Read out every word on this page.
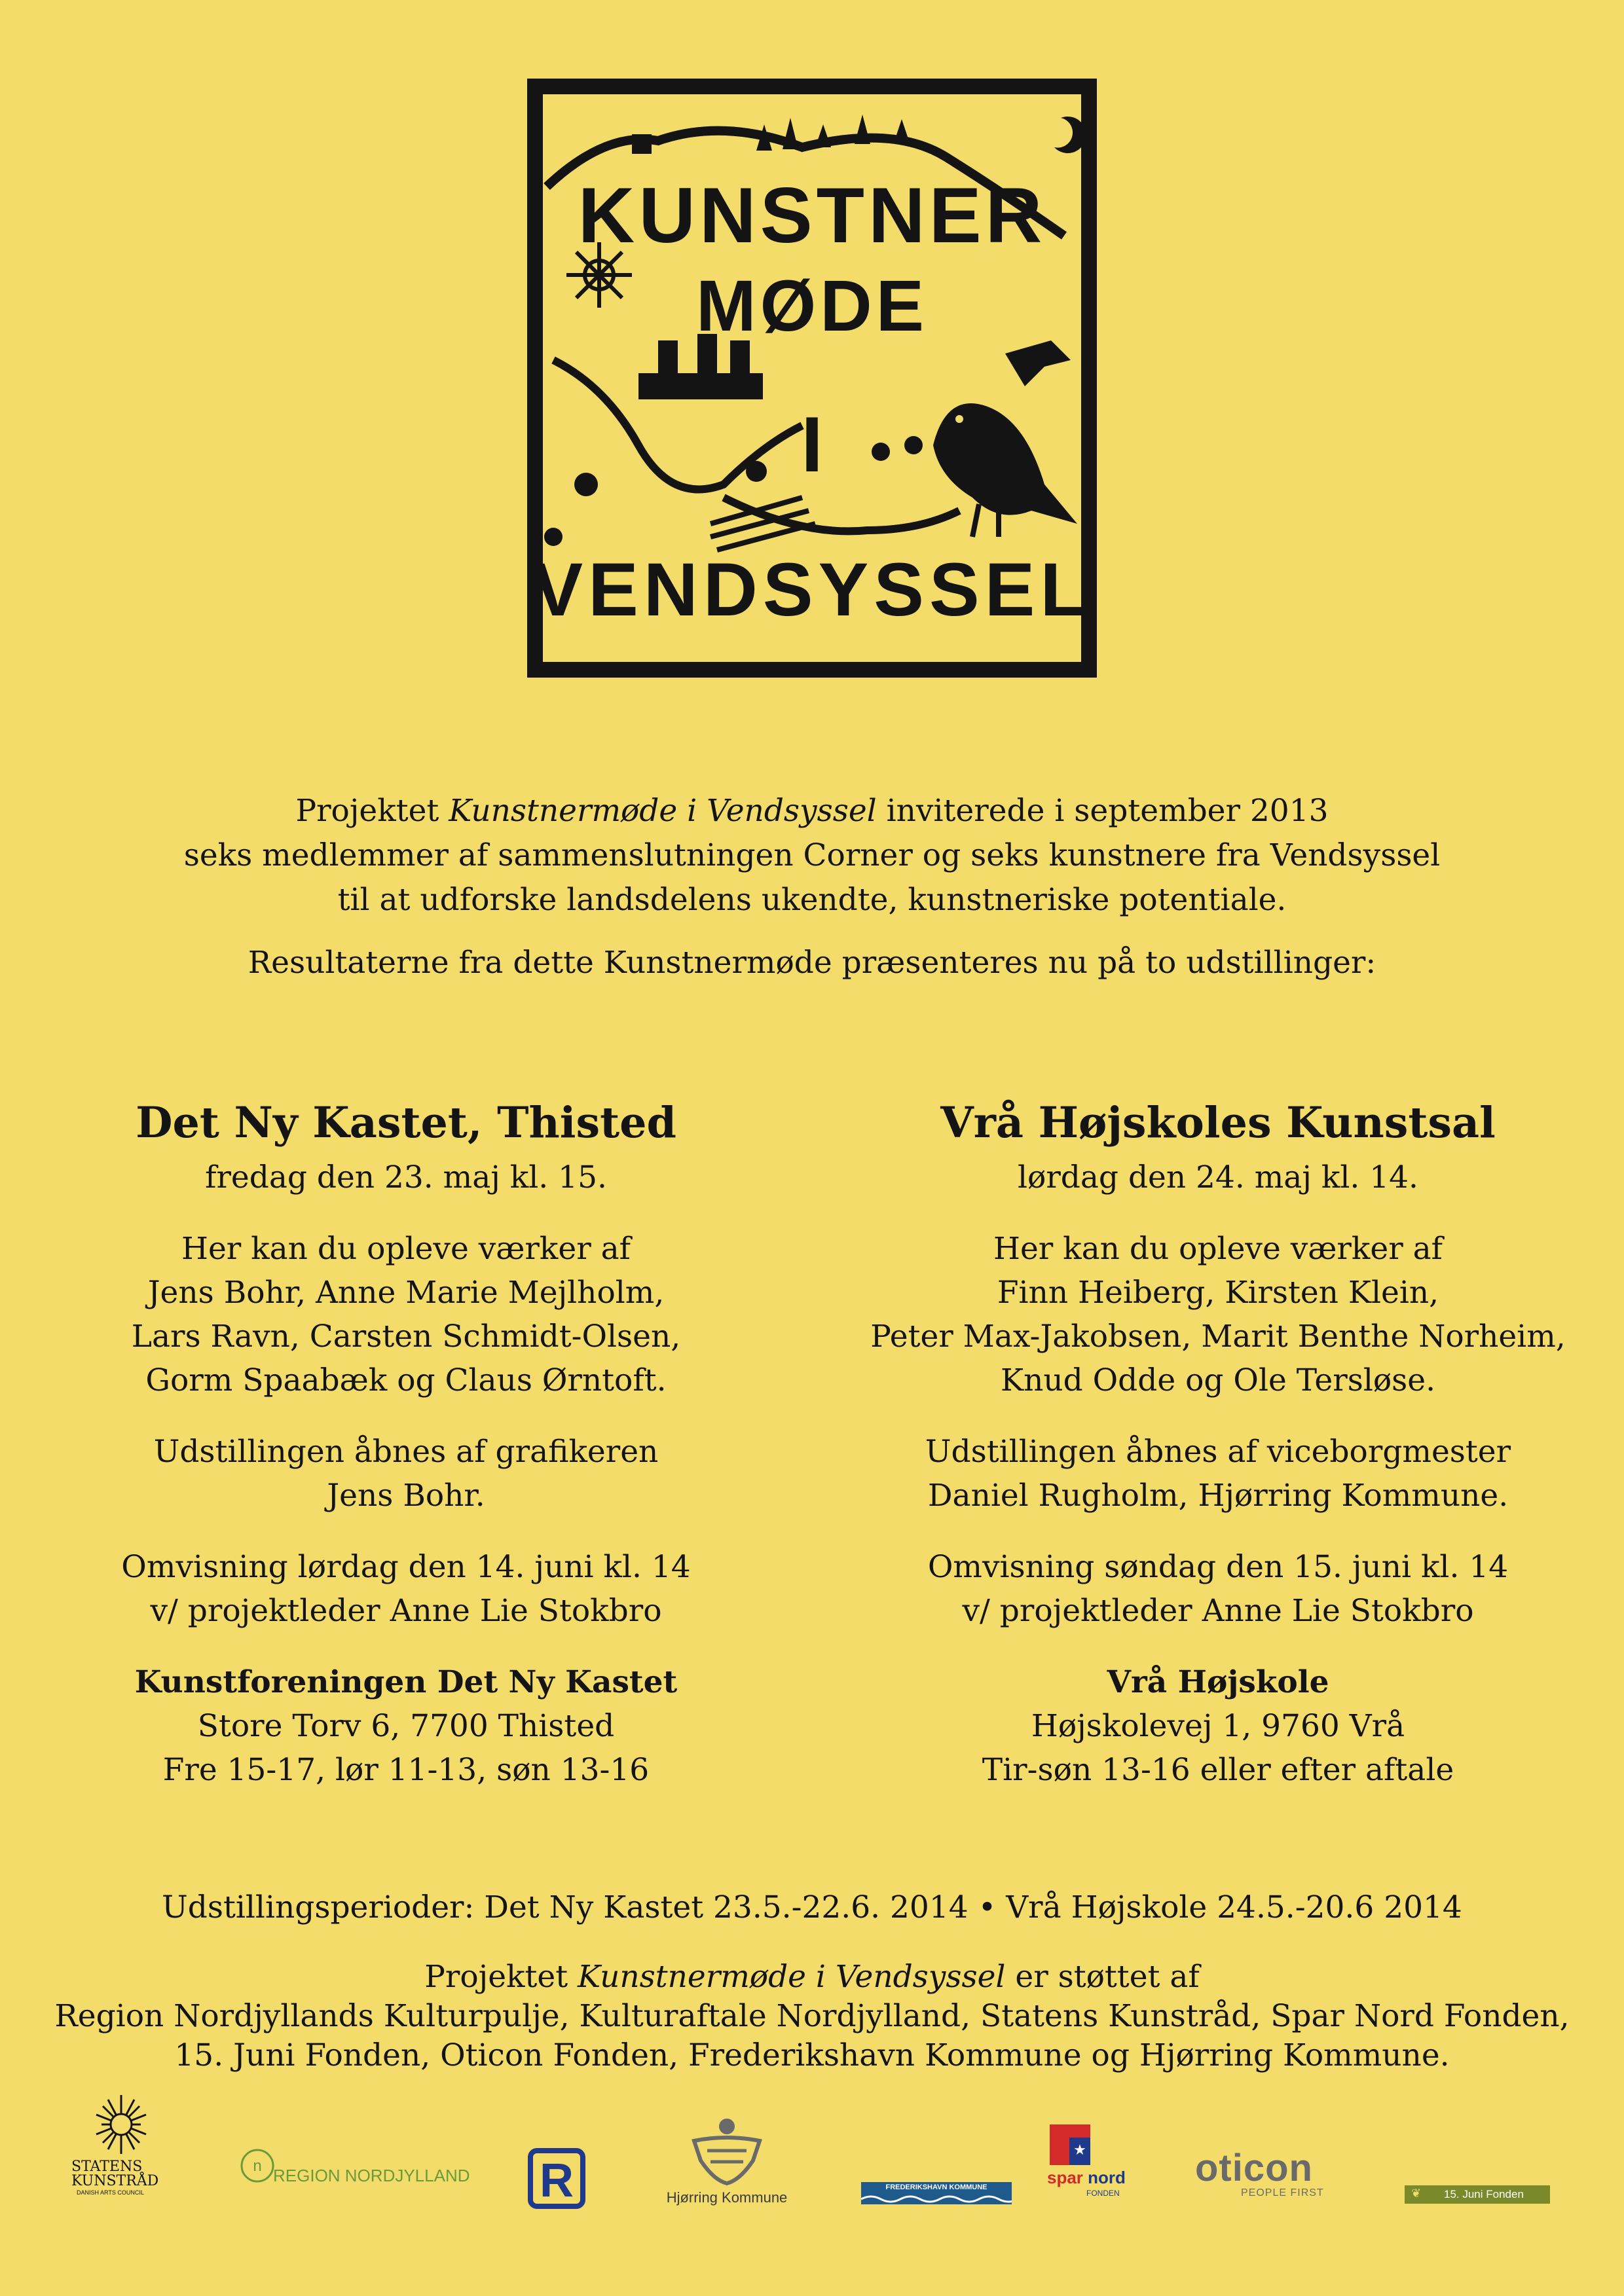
KUNSTNER
MØDE
I
VENDSYSSEL

Projektet Kunstnermøde i Vendsyssel inviterede i september 2013

seks medlemmer af sammenslutningen Corner og seks kunstnere fra Vendsyssel

til at udforske landsdelens ukendte, kunstneriske potentiale.

Resultaterne fra dette Kunstnermøde præsenteres nu på to udstillinger:

Det Ny Kastet, Thisted
fredag den 23. maj kl. 15.

Her kan du opleve værker af
Jens Bohr, Anne Marie Mejlholm,
Lars Ravn, Carsten Schmidt-Olsen,
Gorm Spaabæk og Claus Ørntoft.

Udstillingen åbnes af grafikeren
Jens Bohr.

Omvisning lørdag den 14. juni kl. 14
v/ projektleder Anne Lie Stokbro

Kunstforeningen Det Ny Kastet
Store Torv 6, 7700 Thisted
Fre 15-17, lør 11-13, søn 13-16

Vrå Højskoles Kunstsal
lørdag den 24. maj kl. 14.

Her kan du opleve værker af
Finn Heiberg, Kirsten Klein,
Peter Max-Jakobsen, Marit Benthe Norheim,
Knud Odde og Ole Tersløse.

Udstillingen åbnes af viceborgmester
Daniel Rugholm, Hjørring Kommune.

Omvisning søndag den 15. juni kl. 14
v/ projektleder Anne Lie Stokbro

Vrå Højskole
Højskolevej 1, 9760 Vrå
Tir-søn 13-16 eller efter aftale

Udstillingsperioder: Det Ny Kastet 23.5.-22.6. 2014 • Vrå Højskole 24.5.-20.6 2014

Projektet Kunstnermøde i Vendsyssel er støttet af

Region Nordjyllands Kulturpulje, Kulturaftale Nordjylland, Statens Kunstråd, Spar Nord Fonden,

15. Juni Fonden, Oticon Fonden, Frederikshavn Kommune og Hjørring Kommune.

STATENS
KUNSTRÅD
DANISH ARTS COUNCIL
n REGION NORDJYLLAND R	Hjørring Kommune
FREDERIKSHAVN KOMMUNE
★
spar nord
FONDEN
oticon
PEOPLE FIRST	❦ 15. Juni Fonden
